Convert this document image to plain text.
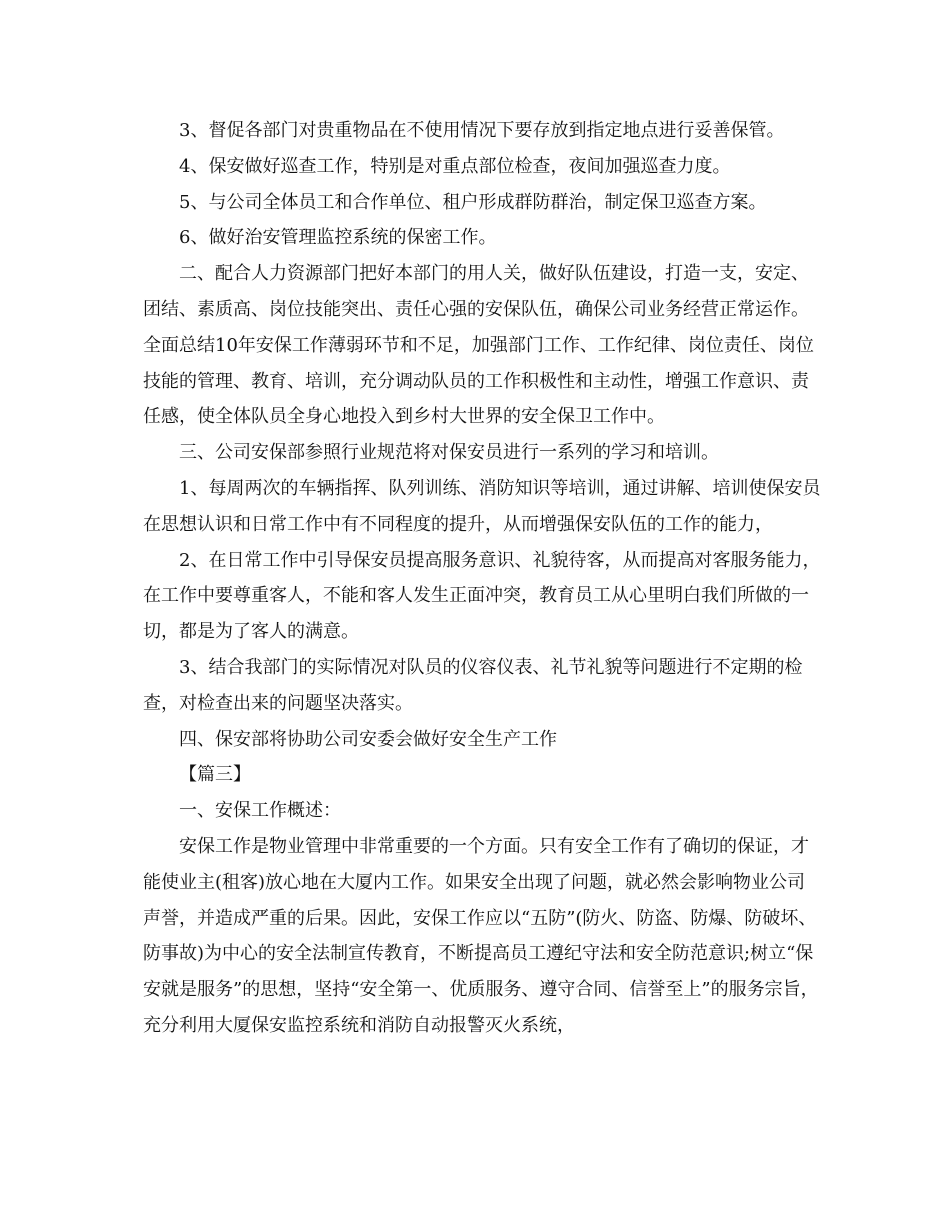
3、督促各部门对贵重物品在不使用情况下要存放到指定地点进行妥善保管。

4、保安做好巡查工作，特别是对重点部位检查，夜间加强巡查力度。

5、与公司全体员工和合作单位、租户形成群防群治，制定保卫巡查方案。

6、做好治安管理监控系统的保密工作。

二、配合人力资源部门把好本部门的用人关，做好队伍建设，打造一支，安定、团结、素质高、岗位技能突出、责任心强的安保队伍，确保公司业务经营正常运作。全面总结10年安保工作薄弱环节和不足，加强部门工作、工作纪律、岗位责任、岗位技能的管理、教育、培训，充分调动队员的工作积极性和主动性，增强工作意识、责任感，使全体队员全身心地投入到乡村大世界的安全保卫工作中。

三、公司安保部参照行业规范将对保安员进行一系列的学习和培训。

1、每周两次的车辆指挥、队列训练、消防知识等培训，通过讲解、培训使保安员在思想认识和日常工作中有不同程度的提升，从而增强保安队伍的工作的能力，

2、在日常工作中引导保安员提高服务意识、礼貌待客，从而提高对客服务能力，在工作中要尊重客人，不能和客人发生正面冲突，教育员工从心里明白我们所做的一切，都是为了客人的满意。

3、结合我部门的实际情况对队员的仪容仪表、礼节礼貌等问题进行不定期的检查，对检查出来的问题坚决落实。

四、保安部将协助公司安委会做好安全生产工作

【篇三】

一、安保工作概述：

安保工作是物业管理中非常重要的一个方面。只有安全工作有了确切的保证，才能使业主(租客)放心地在大厦内工作。如果安全出现了问题，就必然会影响物业公司声誉，并造成严重的后果。因此，安保工作应以“五防”(防火、防盗、防爆、防破坏、防事故)为中心的安全法制宣传教育，不断提高员工遵纪守法和安全防范意识;树立“保安就是服务”的思想，坚持“安全第一、优质服务、遵守合同、信誉至上”的服务宗旨，充分利用大厦保安监控系统和消防自动报警灭火系统，
